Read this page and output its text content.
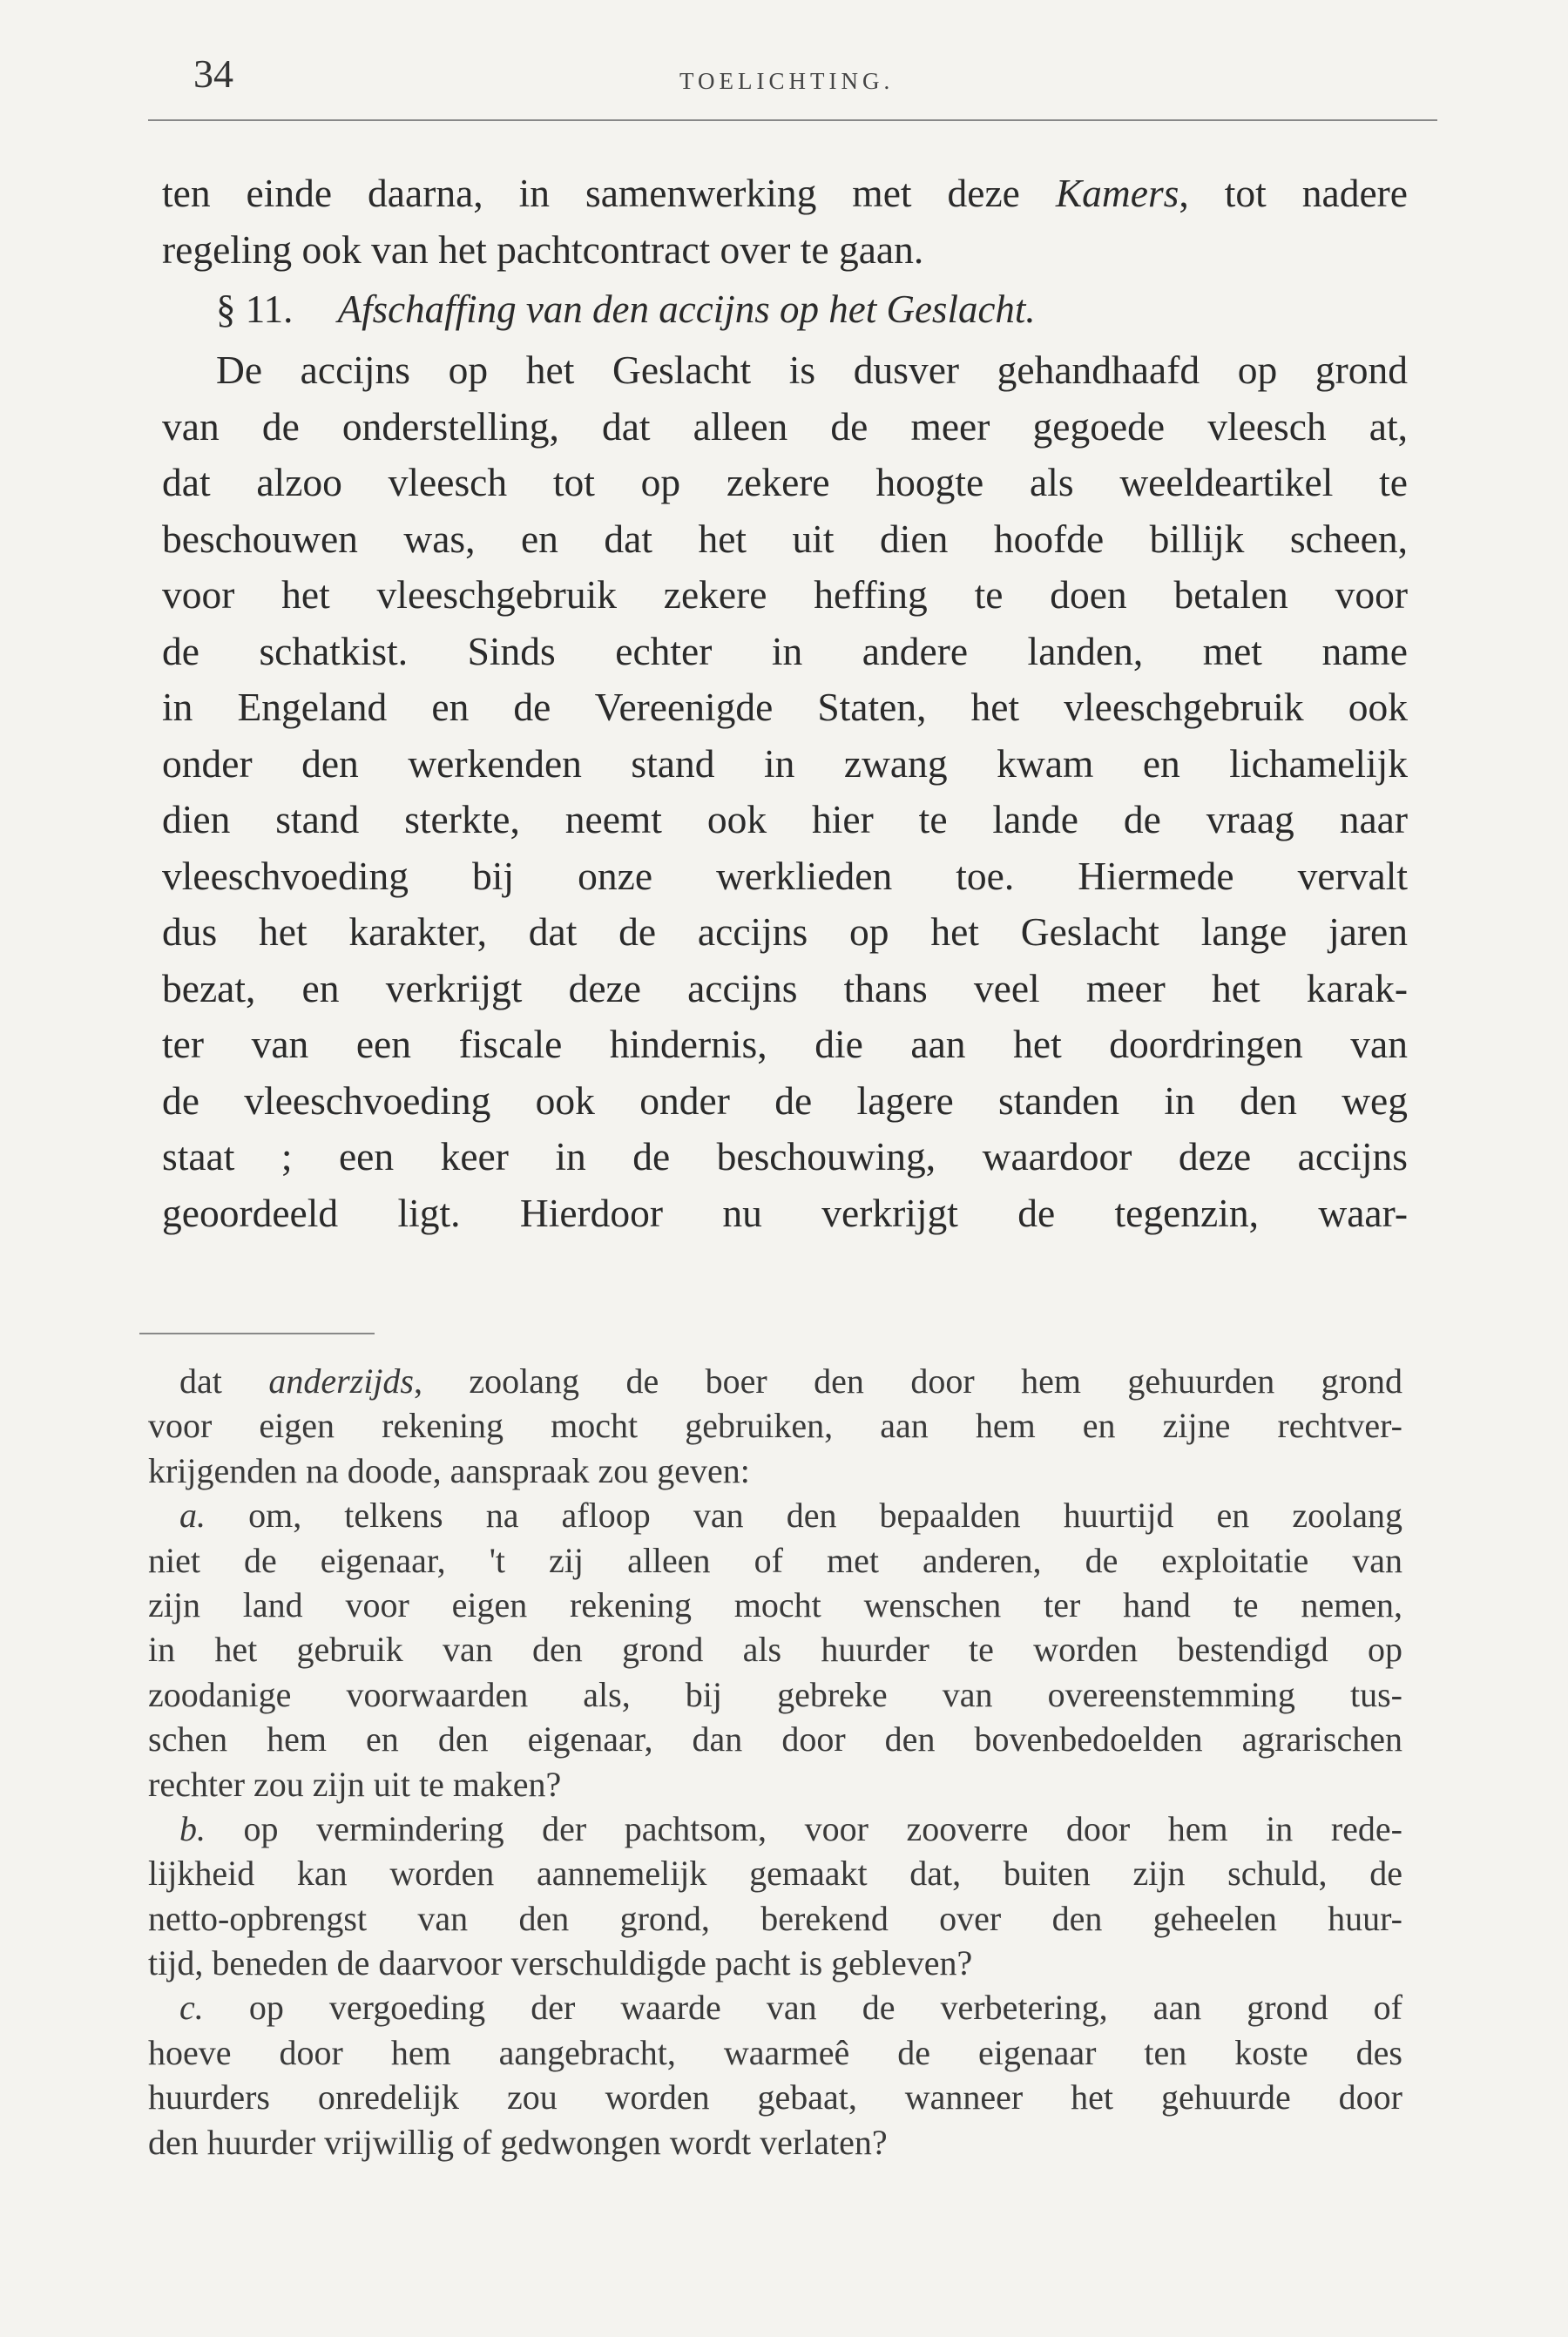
34	TOELICHTING.
ten einde daarna, in samenwerking met deze Kamers, tot nadere
regeling ook van het pachtcontract over te gaan.
§ 11. Afschaffing van den accijns op het Geslacht.
De accijns op het Geslacht is dusver gehandhaafd op grond
van de onderstelling, dat alleen de meer gegoede vleesch at,
dat alzoo vleesch tot op zekere hoogte als weeldeartikel te
beschouwen was, en dat het uit dien hoofde billijk scheen,
voor het vleeschgebruik zekere heffing te doen betalen voor
de schatkist. Sinds echter in andere landen, met name
in Engeland en de Vereenigde Staten, het vleeschgebruik ook
onder den werkenden stand in zwang kwam en lichamelijk
dien stand sterkte, neemt ook hier te lande de vraag naar
vleeschvoeding bij onze werklieden toe. Hiermede vervalt
dus het karakter, dat de accijns op het Geslacht lange jaren
bezat, en verkrijgt deze accijns thans veel meer het karak-
ter van een fiscale hindernis, die aan het doordringen van
de vleeschvoeding ook onder de lagere standen in den weg
staat ; een keer in de beschouwing, waardoor deze accijns
geoordeeld ligt. Hierdoor nu verkrijgt de tegenzin, waar-
dat anderzijds, zoolang de boer den door hem gehuurden grond
voor eigen rekening mocht gebruiken, aan hem en zijne rechtver-
krijgenden na doode, aanspraak zou geven:
a. om, telkens na afloop van den bepaalden huurtijd en zoolang
niet de eigenaar, 't zij alleen of met anderen, de exploitatie van
zijn land voor eigen rekening mocht wenschen ter hand te nemen,
in het gebruik van den grond als huurder te worden bestendigd op
zoodanige voorwaarden als, bij gebreke van overeenstemming tus-
schen hem en den eigenaar, dan door den bovenbedoelden agrarischen
rechter zou zijn uit te maken?
b. op vermindering der pachtsom, voor zooverre door hem in rede-
lijkheid kan worden aannemelijk gemaakt dat, buiten zijn schuld, de
netto-opbrengst van den grond, berekend over den geheelen huur-
tijd, beneden de daarvoor verschuldigde pacht is gebleven?
c. op vergoeding der waarde van de verbetering, aan grond of
hoeve door hem aangebracht, waarmeê de eigenaar ten koste des
huurders onredelijk zou worden gebaat, wanneer het gehuurde door
den huurder vrijwillig of gedwongen wordt verlaten?
